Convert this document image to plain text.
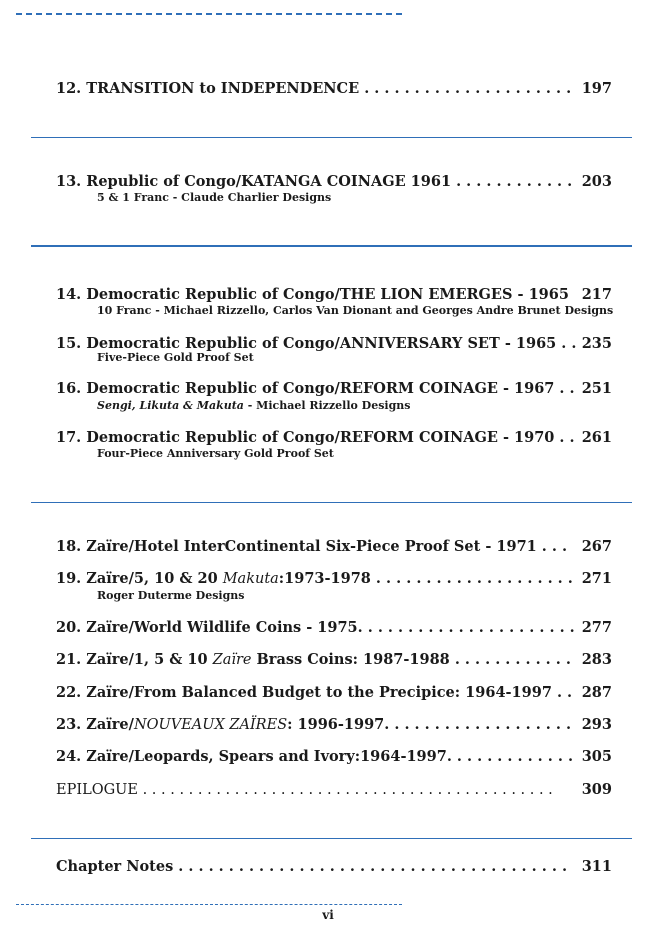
12. TRANSITION to INDEPENDENCE . . . . . . . . . . . . . . . . . . . . . 197
13. Republic of Congo/KATANGA COINAGE 1961 . . . . . . . . . . . . 203
5 & 1 Franc - Claude Charlier Designs
14. Democratic Republic of Congo/THE LION EMERGES - 1965 217
10 Franc - Michael Rizzello, Carlos Van Dionant and Georges Andre Brunet Designs
15. Democratic Republic of Congo/ANNIVERSARY SET - 1965 . . 235
Five-Piece Gold Proof Set
16. Democratic Republic of Congo/REFORM COINAGE - 1967 . . 251
Sengi, Likuta & Makuta - Michael Rizzello Designs
17. Democratic Republic of Congo/REFORM COINAGE - 1970 . . 261
Four-Piece Anniversary Gold Proof Set
18. Zaïre/Hotel InterContinental Six-Piece Proof Set - 1971 . . . 267
19. Zaïre/5, 10 & 20 Makuta:1973-1978 . . . . . . . . . . . . . . . . . . . . 271
Roger Duterme Designs
20. Zaïre/World Wildlife Coins - 1975. . . . . . . . . . . . . . . . . . . . . . 277
21. Zaïre/1, 5 & 10 Zaïre Brass Coins: 1987-1988 . . . . . . . . . . . . 283
22. Zaïre/From Balanced Budget to the Precipice: 1964-1997 . . 287
23. Zaïre/NOUVEAUX ZAÏRES: 1996-1997. . . . . . . . . . . . . . . . . . . 293
24. Zaïre/Leopards, Spears and Ivory:1964-1997. . . . . . . . . . . . . 305
EPILOGUE . . . . . . . . . . . . . . . . . . . . . . . . . . . . . . . . . . . . . . . . . . . . . 309
Chapter Notes . . . . . . . . . . . . . . . . . . . . . . . . . . . . . . . . . . . . . . . 311
vi
